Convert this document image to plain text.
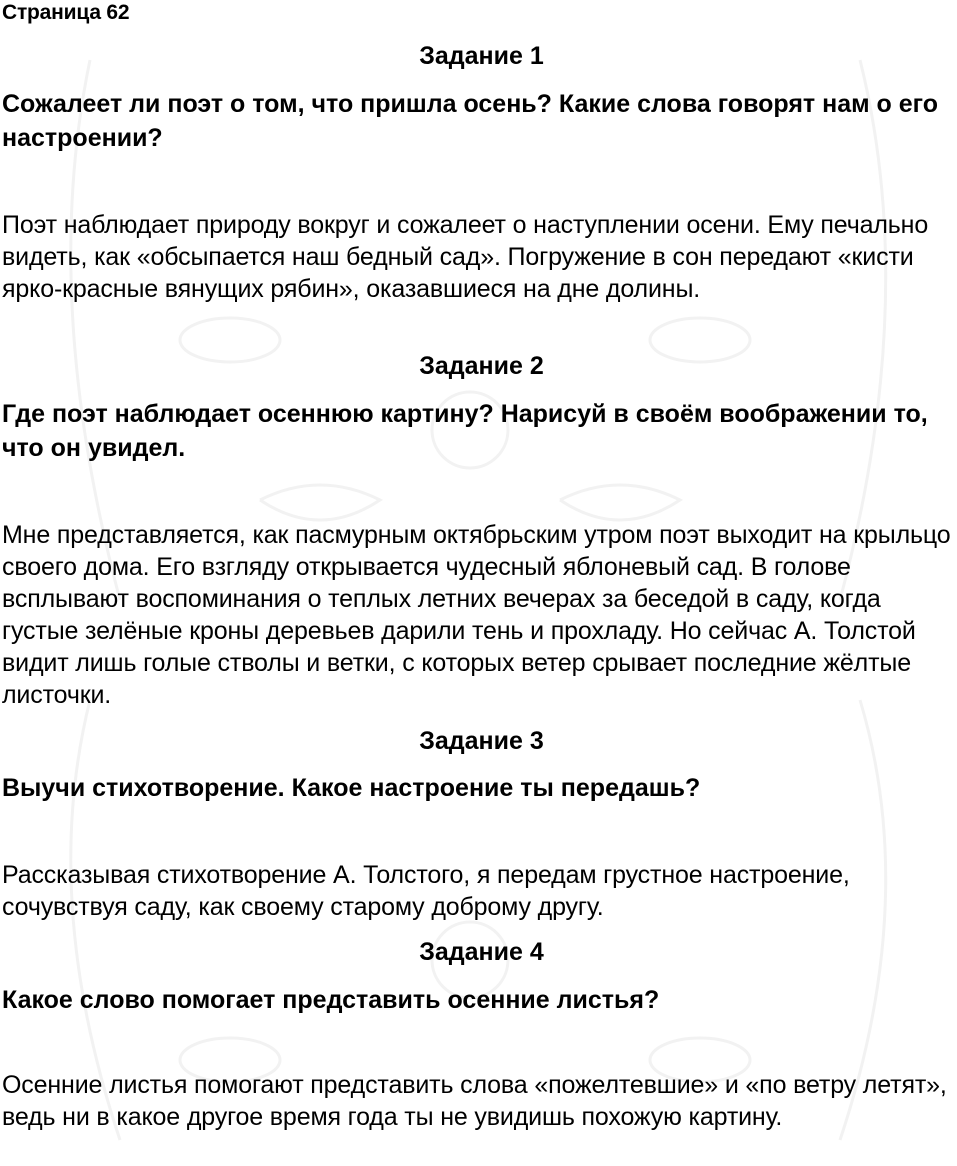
Страница 62
Задание 1
Сожалеет ли поэт о том, что пришла осень? Какие слова говорят нам о его настроении?
Поэт наблюдает природу вокруг и сожалеет о наступлении осени. Ему печально видеть, как «обсыпается наш бедный сад». Погружение в сон передают «кисти ярко-красные вянущих рябин», оказавшиеся на дне долины.
Задание 2
Где поэт наблюдает осеннюю картину? Нарисуй в своём воображении то, что он увидел.
Мне представляется, как пасмурным октябрьским утром поэт выходит на крыльцо своего дома. Его взгляду открывается чудесный яблоневый сад. В голове всплывают воспоминания о теплых летних вечерах за беседой в саду, когда густые зелёные кроны деревьев дарили тень и прохладу. Но сейчас А. Толстой видит лишь голые стволы и ветки, с которых ветер срывает последние жёлтые листочки.
Задание 3
Выучи стихотворение. Какое настроение ты передашь?
Рассказывая стихотворение А. Толстого, я передам грустное настроение, сочувствуя саду, как своему старому доброму другу.
Задание 4
Какое слово помогает представить осенние листья?
Осенние листья помогают представить слова «пожелтевшие» и «по ветру летят», ведь ни в какое другое время года ты не увидишь похожую картину.
